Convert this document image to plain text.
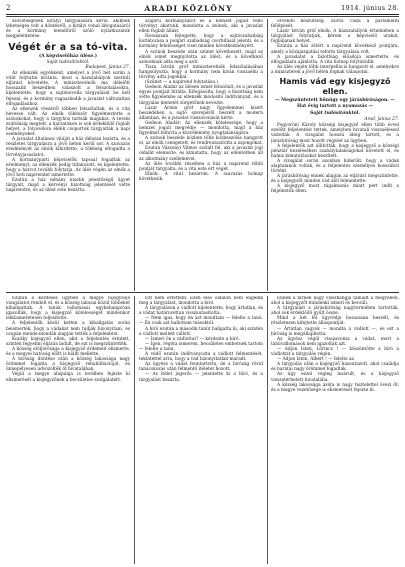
2	ARADI KÖZLÖNY	1914. június 28.

szövetségesek királyi tárgyalására kerül, akiknek lehetséges volt a döntésről, a királyi vonal látogatásáról és a kormány teendőiről szóló nyilatkozatok megjelentetése.

Végét ér a sa tó-vita.
(A képviselőház ülése.)
Saját tudósítónktól.
Budapest, június 27.

Az ellenzék egyébként, amelyet a jövő hét során a vitát folytatni kívánta, most a házszabályok szerinti eljárást követelte. A miniszterelnök ma délelőtt hosszabb beszédben válaszolt a felszólalásokra, kijelentette, hogy a sajtónovella tárgyalását be kell fejezni, és a kormány ragaszkodik a javaslat változatlan elfogadásához.

Az ellenzék részéről többen felszólaltak, és a vita hevessé vált. Az elnök többször figyelmeztette a szónokokat, hogy a tárgyhoz tartsák magukat. A terem zsúfolásig megtelt, a karzatokon is sok érdeklődő foglalt helyet, a folyosókon élénk csoportok tárgyalták a napi eseményeket.

A javaslat általános vitáját a ház délután lezárta, és a részletes tárgyalásra a jövő héten kerül sor. A szavazás eredményét az elnök kihirdette, a többség elfogadta a törvényjavaslatot.

A kormánypárti képviselők tapssal fogadták az eredményt, az ellenzék pedig tiltakozott, és kijelentette, hogy a harcot tovább folytatja. Az ülés végén az elnök a jövő heti napirendet ismertette.

Ezután a ház néhány kisebb jelentőségű ügyet tárgyalt, majd a kérvényi bizottság jelentését vette napirendre, és az ülést este bezárta.

szigorú kormányzatot és a nemzet jogait védő törvényt akarunk, mondotta a szónok, aki a javaslat ellen foglalt állást.

Hosszasan fejtegette, hogy a sajtószabadság korlátozása a polgári szabadság csorbítását jelenti, és a kormány felelősséget visel minden következményért.

A szónok beszéde után szünet következett, majd az elnök ismét megnyitotta az ülést, és a következő szónoknak adta meg a szót.

Tisza István gróf miniszterelnök felszólalásában hangsúlyozta, hogy a kormány nem kíván visszaélni a törvény adta jogokkal.

(Szünet — a napirend folytatása.)

Gedeon Aladár az ülésen ismét felszólalt, és a javaslat egyes pontjait bírálta. Kifogásolta, hogy a bizottság nem vette figyelembe az ellenzék módosító indítványait, és a tárgyalás menetét sürgetőnek nevezte.

Lázár Ármin gróf nagy figyelemmel kísért beszédében a sajtó szerepéről beszélt a modern államban, és a javaslat visszavonását kérte.

Gedeon Aladár: Az ellenzék kötelessége, hogy a nemzet jogait megvédje — mondotta, majd a ház figyelmét felhívta a közvélemény nyugtalanságára.

A szónok beszéde közben több közbeszólás hangzott el, az elnök csengetett, és rendreutasította a zajongókat.

Ezután Vázsonyi Vilmos szólalt fel, aki a javaslat jogi oldalát elemezte, és kimutatta, hogy az ellentétben áll az alkotmány szellemével.

Az ülés további részében a ház a napirend többi pontját tárgyalta, és a vita este ért véget.

Elnök: A vitát bezárom. A szavazás holnap következik.

örvendő készültség, szívta Tisza a parlamenti fellépését.

Lázár István gróf elnök: A házszabályok értelmében a tárgyalást folytatjuk, kérem a képviselő urakat, foglaljanak helyet.

Ezután a ház áttért a napirend következő pontjára, amely a közigazgatási reform tárgyalása volt.

A javaslatot a bizottság előadója ismertette, és elfogadásra ajánlotta. A vita holnap folytatódik.

Az ülés végén több interpelláció hangzott el, amelyekre a miniszterek a jövő héten fognak válaszolni.

Hamis vád egy kisjegyző ellen.
— Megszüntetett bűnügy egy járásbíróságon. — Hat évig tartott a nyomozás —
Saját tudósítónktól.
Arad, június 27.

Pogyoróni Károly községi kisjegyző ellen több évvel ezelőtt feljelentést tettek, amelyben hivatali visszaéléssel vádolták. A vizsgálat hosszú ideig tartott, és a járásbíróság most hozott végzést az ügyben.

A feljelentők azt állították, hogy a kisjegyző a községi pénztár kezelésében szabálytalanságokat követett el, és hamis kimutatásokat készített.

A vizsgálat során azonban kiderült, hogy a vádak alaptalanok voltak, és a feljelentés személyes bosszúból történt.

A járásbíróság ennek alapján az eljárást megszüntette, és a kisjegyzőt minden vád alól felmentette.

A kisjegyző most rágalmazás miatt pert indít a feljelentők ellen.

Ezután a kérdéses ügyben a megye főjegyzője vizsgálatot rendelt el, és a község lakosai közül többeket kihallgattak. A tanúk vallomásai egybehangzóan igazolták, hogy a kisjegyző kötelességét mindenkor lelkiismeretesen teljesítette.

A feljelentők közül ketten a kihallgatás során beismerték, hogy a vádakat nem tudják bizonyítani, és csupán mende-mondák alapján tették a feljelentést.

Kozáky kisjegyző ellen, akit a feljelentés érintett, szintén fegyelmi eljárás indult, de ezt is megszüntették.

A község elöljárósága a kisjegyző érdemeit elismerte, és a megyei hatóság előtt is kiállt mellette.

A bíróság döntése után a község lakossága nagy örömmel fogadta a kisjegyző rehabilitációját, és ünnepélyesen üdvözölték őt hivatalában.

Végül a megye alispánja is levélben fejezte ki elismerését a kisjegyzőnek a becsületes szolgálatért.

Ezt nem értettem. Ezen első oldalon nem engedik meg a tárgyalást, mondotta a bíró.

A tárgyaláson a vádlott kijelentette, hogy ártatlan, és a vádat határozottan visszautasította.

— Nem igaz, hogy én azt mondtam — felelte a tanú. — Én csak azt hallottam másoktól.

A bíró ezután a második tanút hallgatta ki, aki szintén a vádlott mellett vallott.

— Ismeri ön a vádlottat? — kérdezte a bíró.

— Igen, régóta ismerem, becsületes embernek tartom — felelte a tanú.

A védő ezután indítványozta a vádlott felmentését, tekintettel arra, hogy a vád bizonyítatlan maradt.

Az ügyész a vádat fenntartotta, de a bíróság rövid tanácskozás után felmentő ítéletet hozott.

— Az ítélet jogerős — jelentette ki a bíró, és a tárgyalást bezárta.

Ennek a hírnek nagy visszhangja támadt a megyében, ahol a kisjegyzőt mindenki ismeri és becsüli.

A tárgyalást a járásbíróság nagytermében tartották, ahol sok érdeklődő gyűlt össze.

Mind a két fél ügyvédje hosszasan beszélt, és részletesen kifejtette álláspontját.

— Ártatlan vagyok — mondta a vádlott —, és ezt a bíróság is megállapította.

Az ügyész végül visszavonta a vádat, mert a tanúvallomások nem igazolták azt.

— Adjon Isten, Lőrincz ! — köszöntötte a bíró a vádlottat a tárgyalás végén.

— Adjon Isten, Albert ! — felelte az.

A tárgyalás után a kisjegyző hazautazott, ahol családja és barátai nagy örömmel fogadták.

Az ügy ezzel végleg lezárult, és a kisjegyző visszatérhetett hivatalába.

A község lakossága azóta is nagy tisztelettel övezi őt, és a megye vezetősége is elismerését fejezte ki.
